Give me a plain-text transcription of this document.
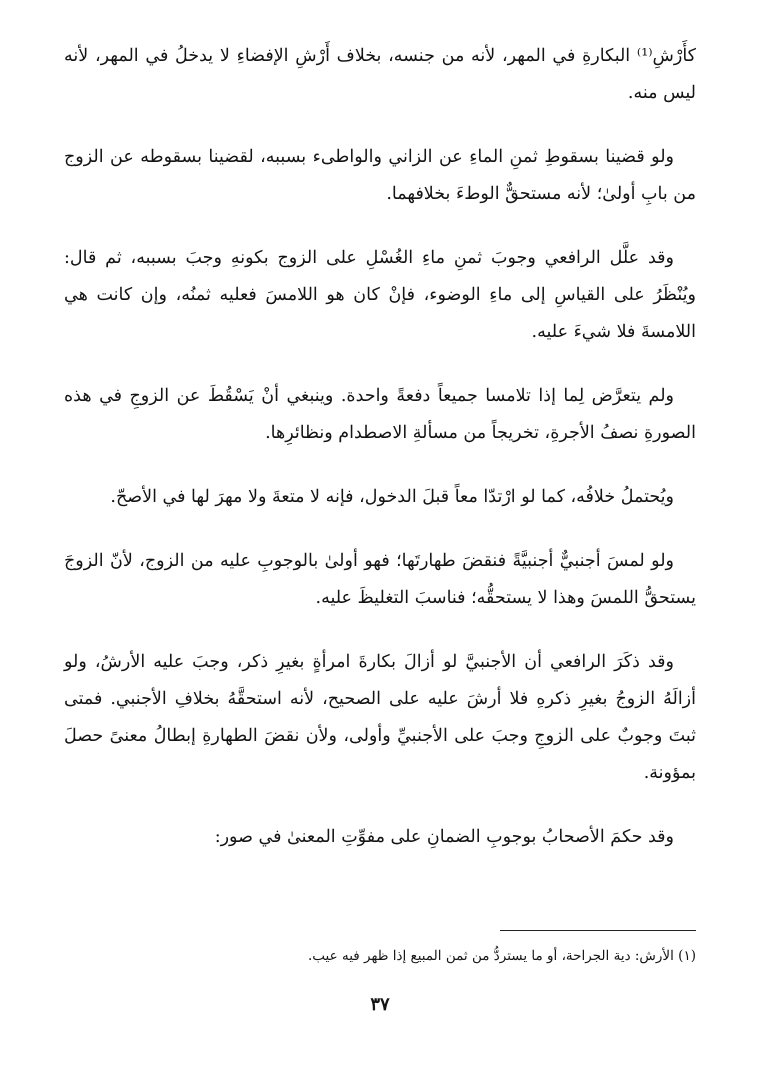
كأَرْشِ⁽¹⁾ البكارةِ في المهر، لأنه من جنسه، بخلاف أَرْشِ الإفضاءِ لا يدخلُ في المهر، لأنه ليس منه.

ولو قضينا بسقوطِ ثمنِ الماءِ عن الزاني والواطىء بسببه، لقضينا بسقوطه عن الزوج من بابِ أولىٰ؛ لأنه مستحقٌّ الوطءَ بخلافهما.

وقد علَّل الرافعي وجوبَ ثمنِ ماءِ الغُسْلِ على الزوج بكونهِ وجبَ بسببه، ثم قال: ويُنْظَرُ على القياسِ إلى ماءِ الوضوء، فإنْ كان هو اللامسَ فعليه ثمنُه، وإن كانت هي اللامسةَ فلا شيءَ عليه.

ولم يتعرَّض لِما إذا تلامسا جميعاً دفعةً واحدة. وينبغي أنْ يَسْقُطَ عن الزوجِ في هذه الصورةِ نصفُ الأجرةِ، تخريجاً من مسألةِ الاصطدام ونظائرِها.

ويُحتملُ خلافُه، كما لو ارْتدّا معاً قبلَ الدخول، فإنه لا متعةَ ولا مهرَ لها في الأصحّ.

ولو لمسَ أجنبيٌّ أجنبيَّةً فنقضَ طهارتَها؛ فهو أولىٰ بالوجوبِ عليه من الزوج، لأنّ الزوجَ يستحقُّ اللمسَ وهذا لا يستحقُّه؛ فناسبَ التغليظَ عليه.

وقد ذكَرَ الرافعي أن الأجنبيَّ لو أزالَ بكارةَ امرأةٍ بغيرِ ذكر، وجبَ عليه الأرشُ، ولو أزالَهُ الزوجُ بغيرِ ذكرهِ فلا أرشَ عليه على الصحيح، لأنه استحقَّهُ بخلافِ الأجنبي. فمتى ثبتَ وجوبٌ على الزوجِ وجبَ على الأجنبيِّ وأولى، ولأن نقضَ الطهارةِ إبطالُ معنىً حصلَ بمؤونة.

وقد حكمَ الأصحابُ بوجوبِ الضمانِ على مفوِّتِ المعنىٰ في صور:

(١) الأرش: دية الجراحة، أو ما يستردُّ من ثمن المبيع إذا ظهر فيه عيب.
٣٧
